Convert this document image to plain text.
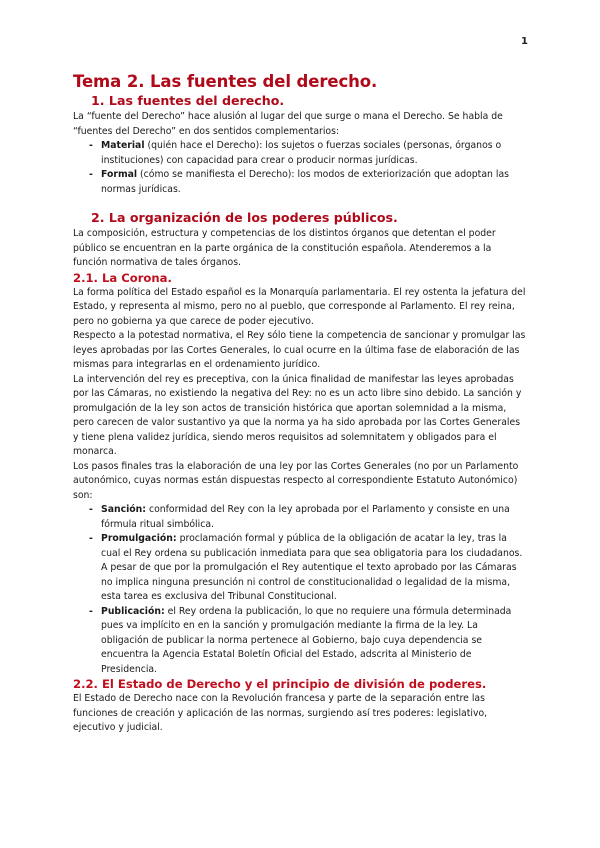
1
Tema 2. Las fuentes del derecho.
1. Las fuentes del derecho.

La “fuente del Derecho” hace alusión al lugar del que surge o mana el Derecho. Se habla de “fuentes del Derecho” en dos sentidos complementarios:

- Material (quién hace el Derecho): los sujetos o fuerzas sociales (personas, órganos o instituciones) con capacidad para crear o producir normas jurídicas.
- Formal (cómo se manifiesta el Derecho): los modos de exteriorización que adoptan las normas jurídicas.
2. La organización de los poderes públicos.

La composición, estructura y competencias de los distintos órganos que detentan el poder público se encuentran en la parte orgánica de la constitución española. Atenderemos a la función normativa de tales órganos.

2.1. La Corona.

La forma política del Estado español es la Monarquía parlamentaria. El rey ostenta la jefatura del Estado, y representa al mismo, pero no al pueblo, que corresponde al Parlamento. El rey reina, pero no gobierna ya que carece de poder ejecutivo.

Respecto a la potestad normativa, el Rey sólo tiene la competencia de sancionar y promulgar las leyes aprobadas por las Cortes Generales, lo cual ocurre en la última fase de elaboración de las mismas para integrarlas en el ordenamiento jurídico.

La intervención del rey es preceptiva, con la única finalidad de manifestar las leyes aprobadas por las Cámaras, no existiendo la negativa del Rey: no es un acto libre sino debido. La sanción y promulgación de la ley son actos de transición histórica que aportan solemnidad a la misma, pero carecen de valor sustantivo ya que la norma ya ha sido aprobada por las Cortes Generales y tiene plena validez jurídica, siendo meros requisitos ad solemnitatem y obligados para el monarca.

Los pasos finales tras la elaboración de una ley por las Cortes Generales (no por un Parlamento autonómico, cuyas normas están dispuestas respecto al correspondiente Estatuto Autonómico) son:

- Sanción: conformidad del Rey con la ley aprobada por el Parlamento y consiste en una fórmula ritual simbólica.
- Promulgación: proclamación formal y pública de la obligación de acatar la ley, tras la cual el Rey ordena su publicación inmediata para que sea obligatoria para los ciudadanos.
A pesar de que por la promulgación el Rey autentique el texto aprobado por las Cámaras no implica ninguna presunción ni control de constitucionalidad o legalidad de la misma, esta tarea es exclusiva del Tribunal Constitucional.
- Publicación: el Rey ordena la publicación, lo que no requiere una fórmula determinada pues va implícito en en la sanción y promulgación mediante la firma de la ley. La obligación de publicar la norma pertenece al Gobierno, bajo cuya dependencia se encuentra la Agencia Estatal Boletín Oficial del Estado, adscrita al Ministerio de Presidencia.
2.2. El Estado de Derecho y el principio de división de poderes.

El Estado de Derecho nace con la Revolución francesa y parte de la separación entre las funciones de creación y aplicación de las normas, surgiendo así tres poderes: legislativo, ejecutivo y judicial.
